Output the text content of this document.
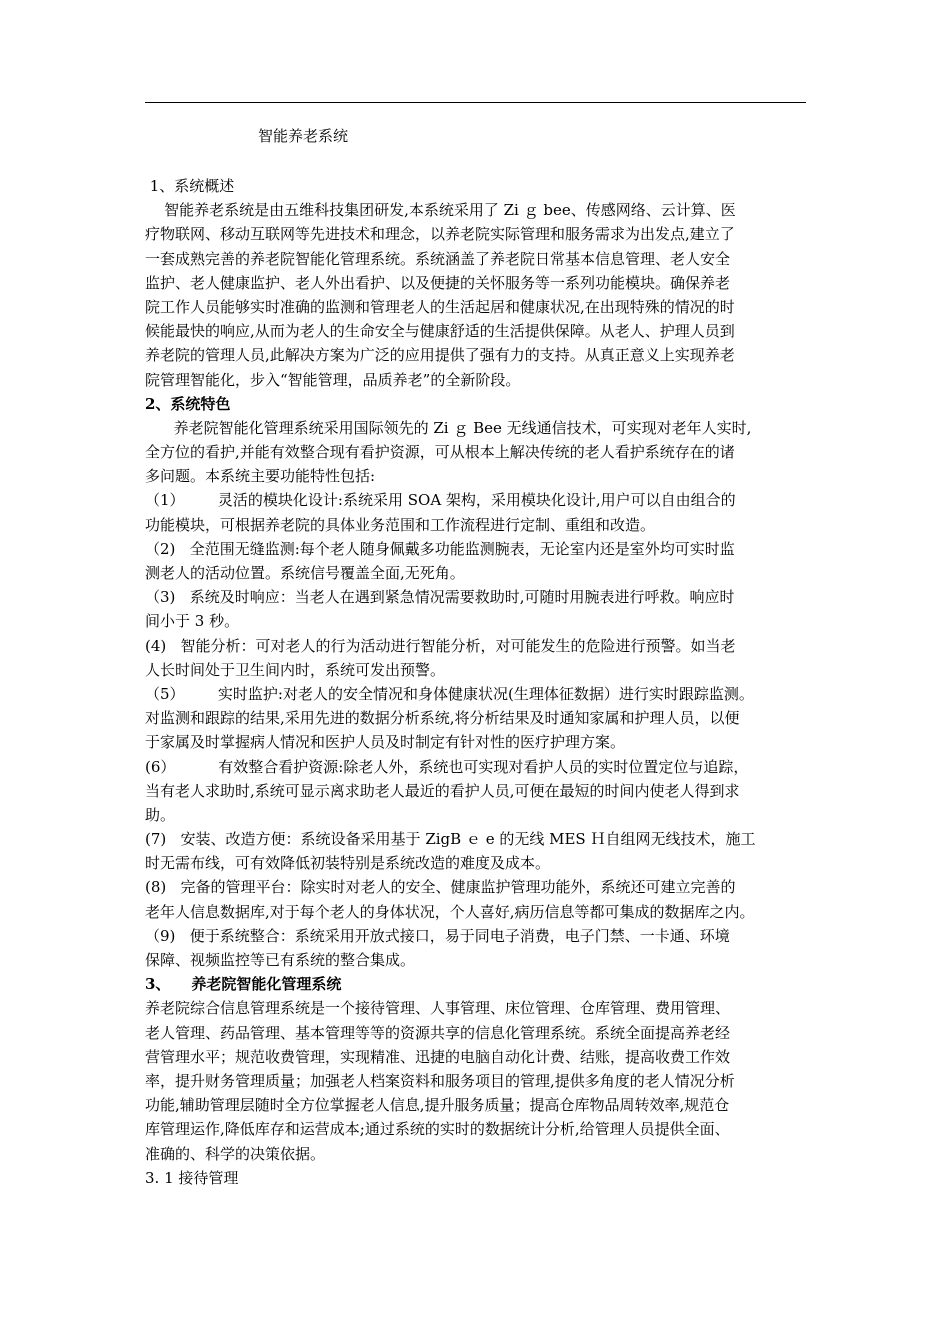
智能养老系统
1、系统概述
智能养老系统是由五维科技集团研发,本系统采用了 Zi ｇ bee、传感网络、云计算、医
疗物联网、移动互联网等先进技术和理念，以养老院实际管理和服务需求为出发点,建立了
一套成熟完善的养老院智能化管理系统。系统涵盖了养老院日常基本信息管理、老人安全
监护、老人健康监护、老人外出看护、以及便捷的关怀服务等一系列功能模块。确保养老
院工作人员能够实时准确的监测和管理老人的生活起居和健康状况,在出现特殊的情况的时
候能最快的响应,从而为老人的生命安全与健康舒适的生活提供保障。从老人、护理人员到
养老院的管理人员,此解决方案为广泛的应用提供了强有力的支持。从真正意义上实现养老
院管理智能化，步入“智能管理，品质养老”的全新阶段。
2、系统特色
养老院智能化管理系统采用国际领先的 Zi ｇ Bee 无线通信技术，可实现对老年人实时,
全方位的看护,并能有效整合现有看护资源，可从根本上解决传统的老人看护系统存在的诸
多问题。本系统主要功能特性包括:
（1）       灵活的模块化设计:系统采用 SOA 架构，采用模块化设计,用户可以自由组合的
功能模块，可根据养老院的具体业务范围和工作流程进行定制、重组和改造。
（2)   全范围无缝监测:每个老人随身佩戴多功能监测腕表，无论室内还是室外均可实时监
测老人的活动位置。系统信号覆盖全面,无死角。
（3)   系统及时响应：当老人在遇到紧急情况需要救助时,可随时用腕表进行呼救。响应时
间小于 3 秒。
(4)   智能分析：可对老人的行为活动进行智能分析，对可能发生的危险进行预警。如当老
人长时间处于卫生间内时，系统可发出预警。
（5）       实时监护:对老人的安全情况和身体健康状况(生理体征数据）进行实时跟踪监测。
对监测和跟踪的结果,采用先进的数据分析系统,将分析结果及时通知家属和护理人员，以便
于家属及时掌握病人情况和医护人员及时制定有针对性的医疗护理方案。
(6）         有效整合看护资源:除老人外，系统也可实现对看护人员的实时位置定位与追踪，
当有老人求助时,系统可显示离求助老人最近的看护人员,可便在最短的时间内使老人得到求
助。
(7)   安装、改造方便：系统设备采用基于 ZigB ｅ e 的无线 MES Ｈ自组网无线技术，施工
时无需布线，可有效降低初装特别是系统改造的难度及成本。
(8)   完备的管理平台：除实时对老人的安全、健康监护管理功能外，系统还可建立完善的
老年人信息数据库,对于每个老人的身体状况，个人喜好,病历信息等都可集成的数据库之内。
（9)   便于系统整合：系统采用开放式接口，易于同电子消费，电子门禁、一卡通、环境
保障、视频监控等已有系统的整合集成。
3、    养老院智能化管理系统
养老院综合信息管理系统是一个接待管理、人事管理、床位管理、仓库管理、费用管理、
老人管理、药品管理、基本管理等等的资源共享的信息化管理系统。系统全面提高养老经
营管理水平；规范收费管理，实现精准、迅捷的电脑自动化计费、结账，提高收费工作效
率，提升财务管理质量；加强老人档案资料和服务项目的管理,提供多角度的老人情况分析
功能,辅助管理层随时全方位掌握老人信息,提升服务质量；提高仓库物品周转效率,规范仓
库管理运作,降低库存和运营成本;通过系统的实时的数据统计分析,给管理人员提供全面、
准确的、科学的决策依据。
3. 1 接待管理
